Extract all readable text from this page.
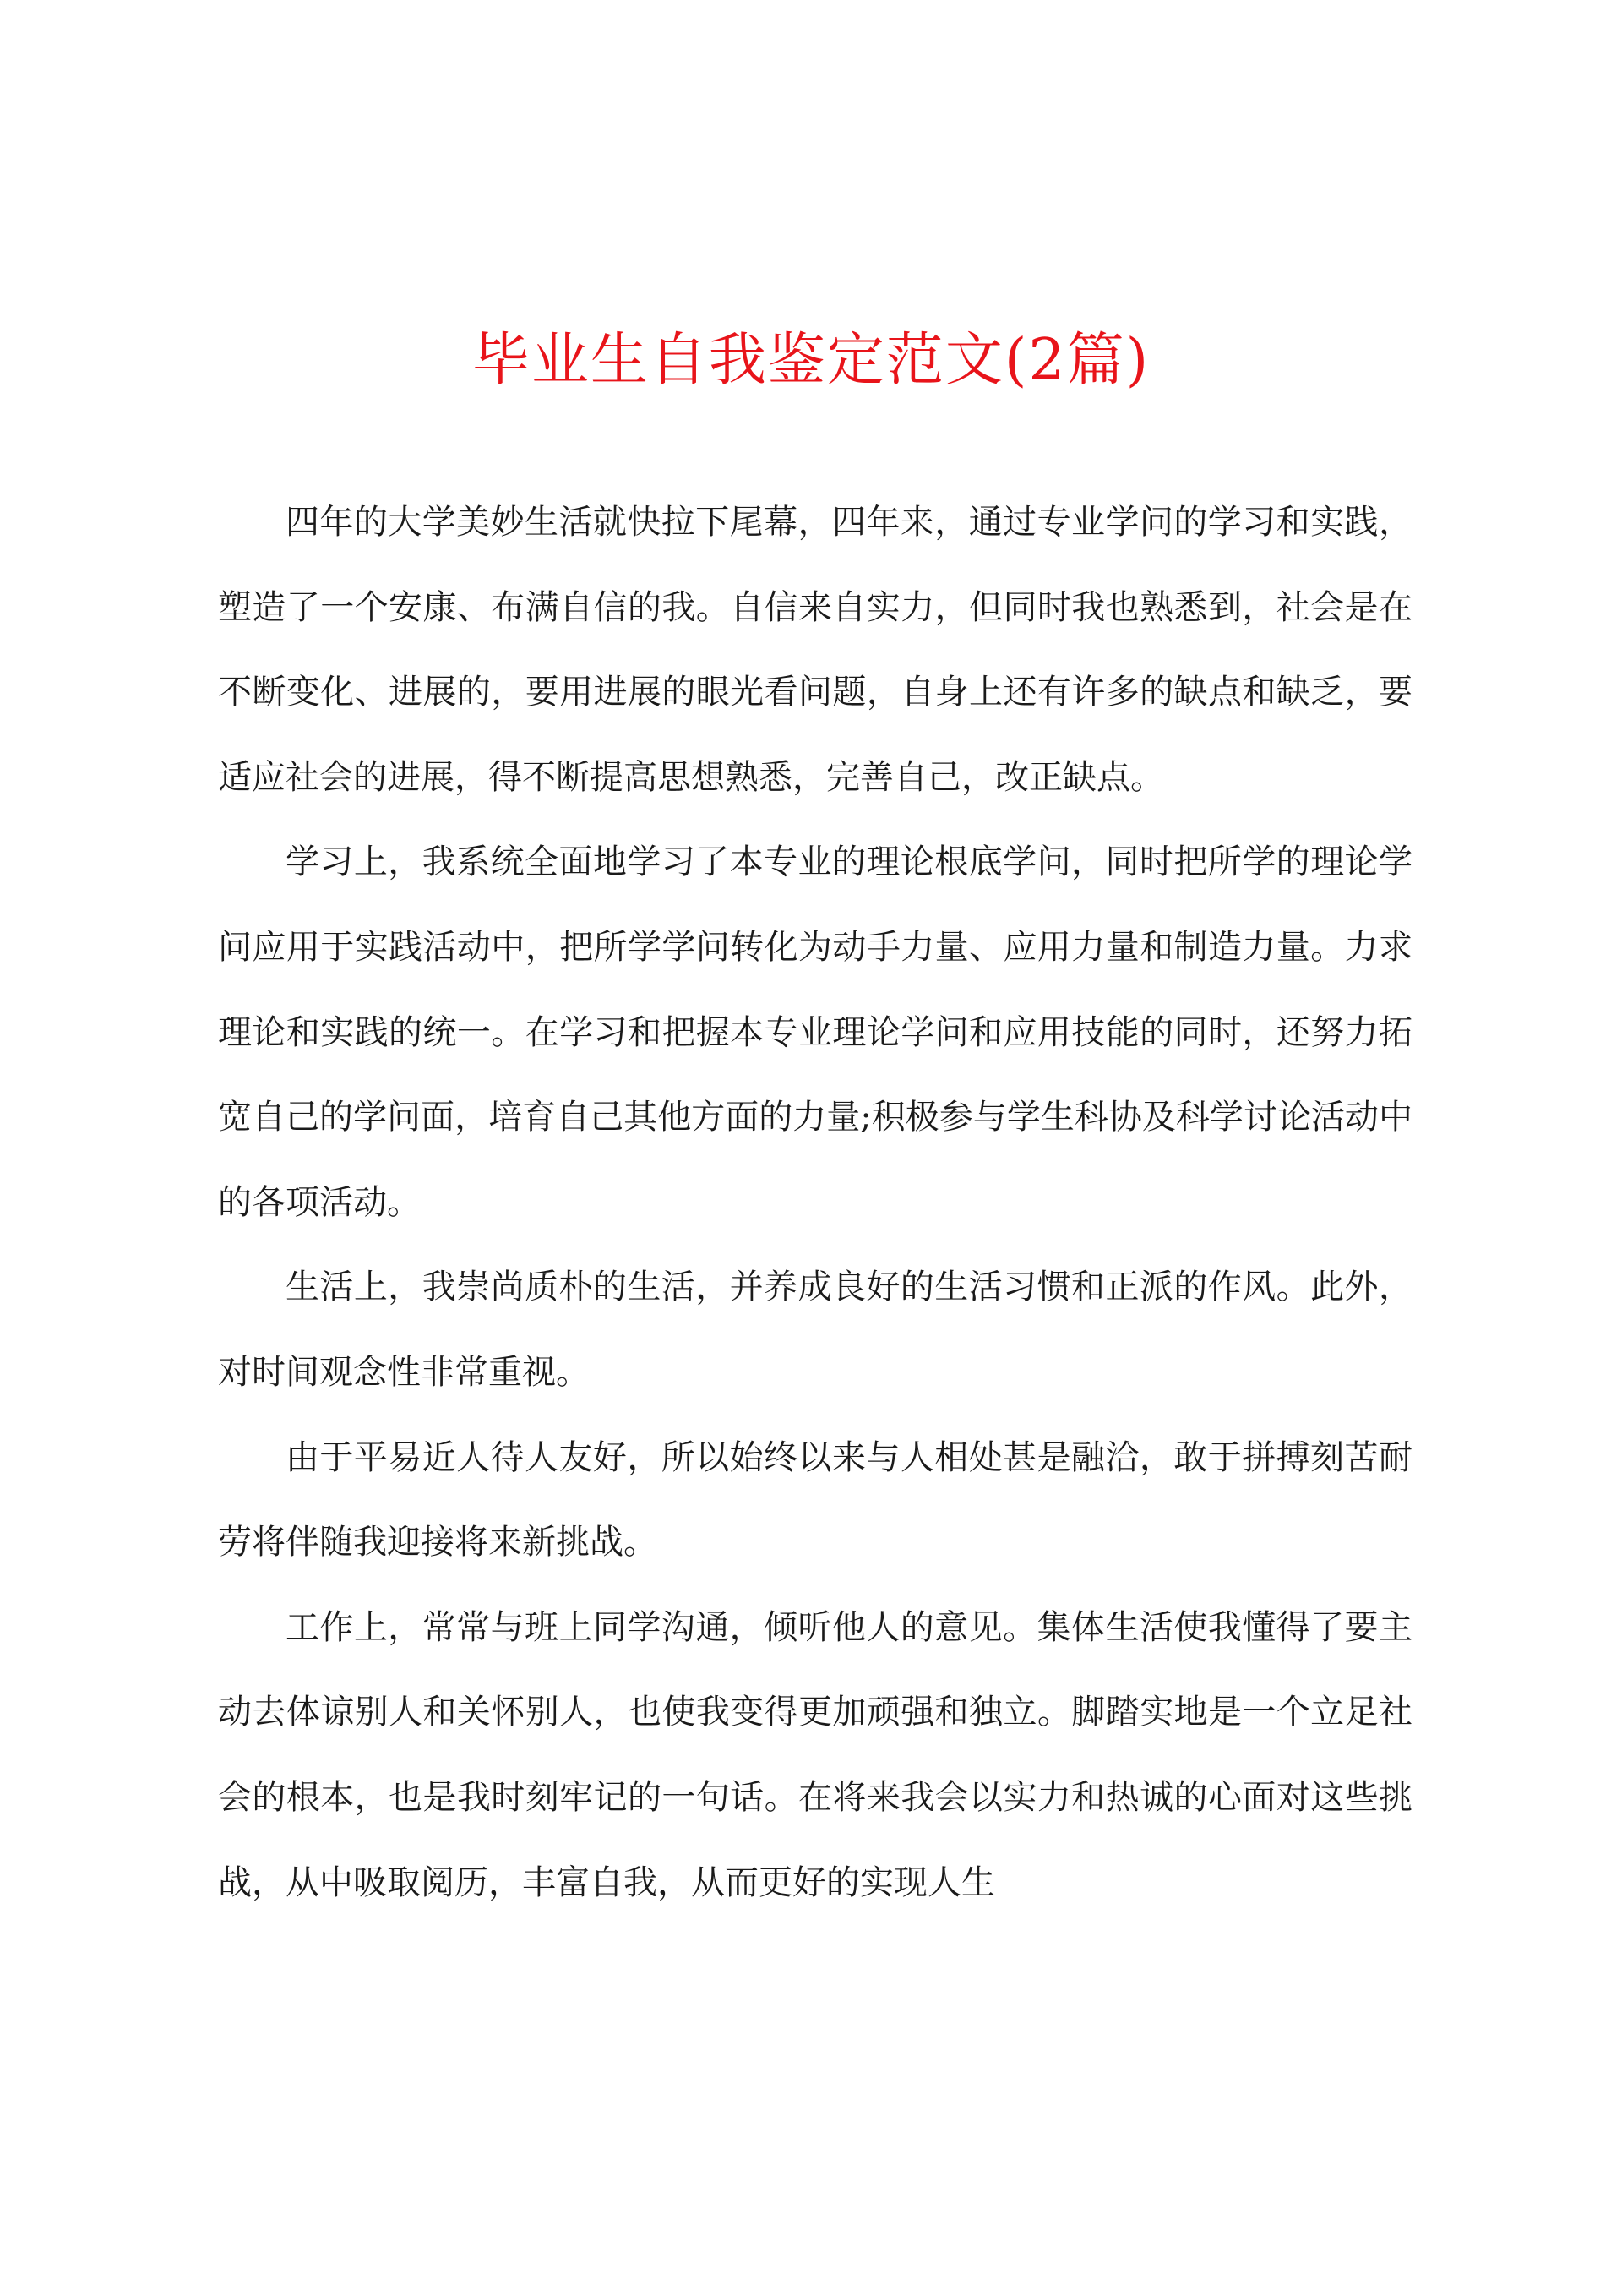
毕业生自我鉴定范文(2篇)

四年的大学美妙生活就快拉下尾幕，四年来，通过专业学问的学习和实践，塑造了一个安康、布满自信的我。自信来自实力，但同时我也熟悉到，社会是在不断变化、进展的，要用进展的眼光看问题，自身上还有许多的缺点和缺乏，要适应社会的进展，得不断提高思想熟悉，完善自己，改正缺点。

学习上，我系统全面地学习了本专业的理论根底学问，同时把所学的理论学问应用于实践活动中，把所学学问转化为动手力量、应用力量和制造力量。力求理论和实践的统一。在学习和把握本专业理论学问和应用技能的同时，还努力拓宽自己的学问面，培育自己其他方面的力量;积极参与学生科协及科学讨论活动中的各项活动。

生活上，我崇尚质朴的生活，并养成良好的生活习惯和正派的作风。此外，对时间观念性非常重视。

由于平易近人待人友好，所以始终以来与人相处甚是融洽，敢于拼搏刻苦耐劳将伴随我迎接将来新挑战。

工作上，常常与班上同学沟通，倾听他人的意见。集体生活使我懂得了要主动去体谅别人和关怀别人，也使我变得更加顽强和独立。脚踏实地是一个立足社会的根本，也是我时刻牢记的一句话。在将来我会以实力和热诚的心面对这些挑战，从中吸取阅历，丰富自我，从而更好的实现人生
